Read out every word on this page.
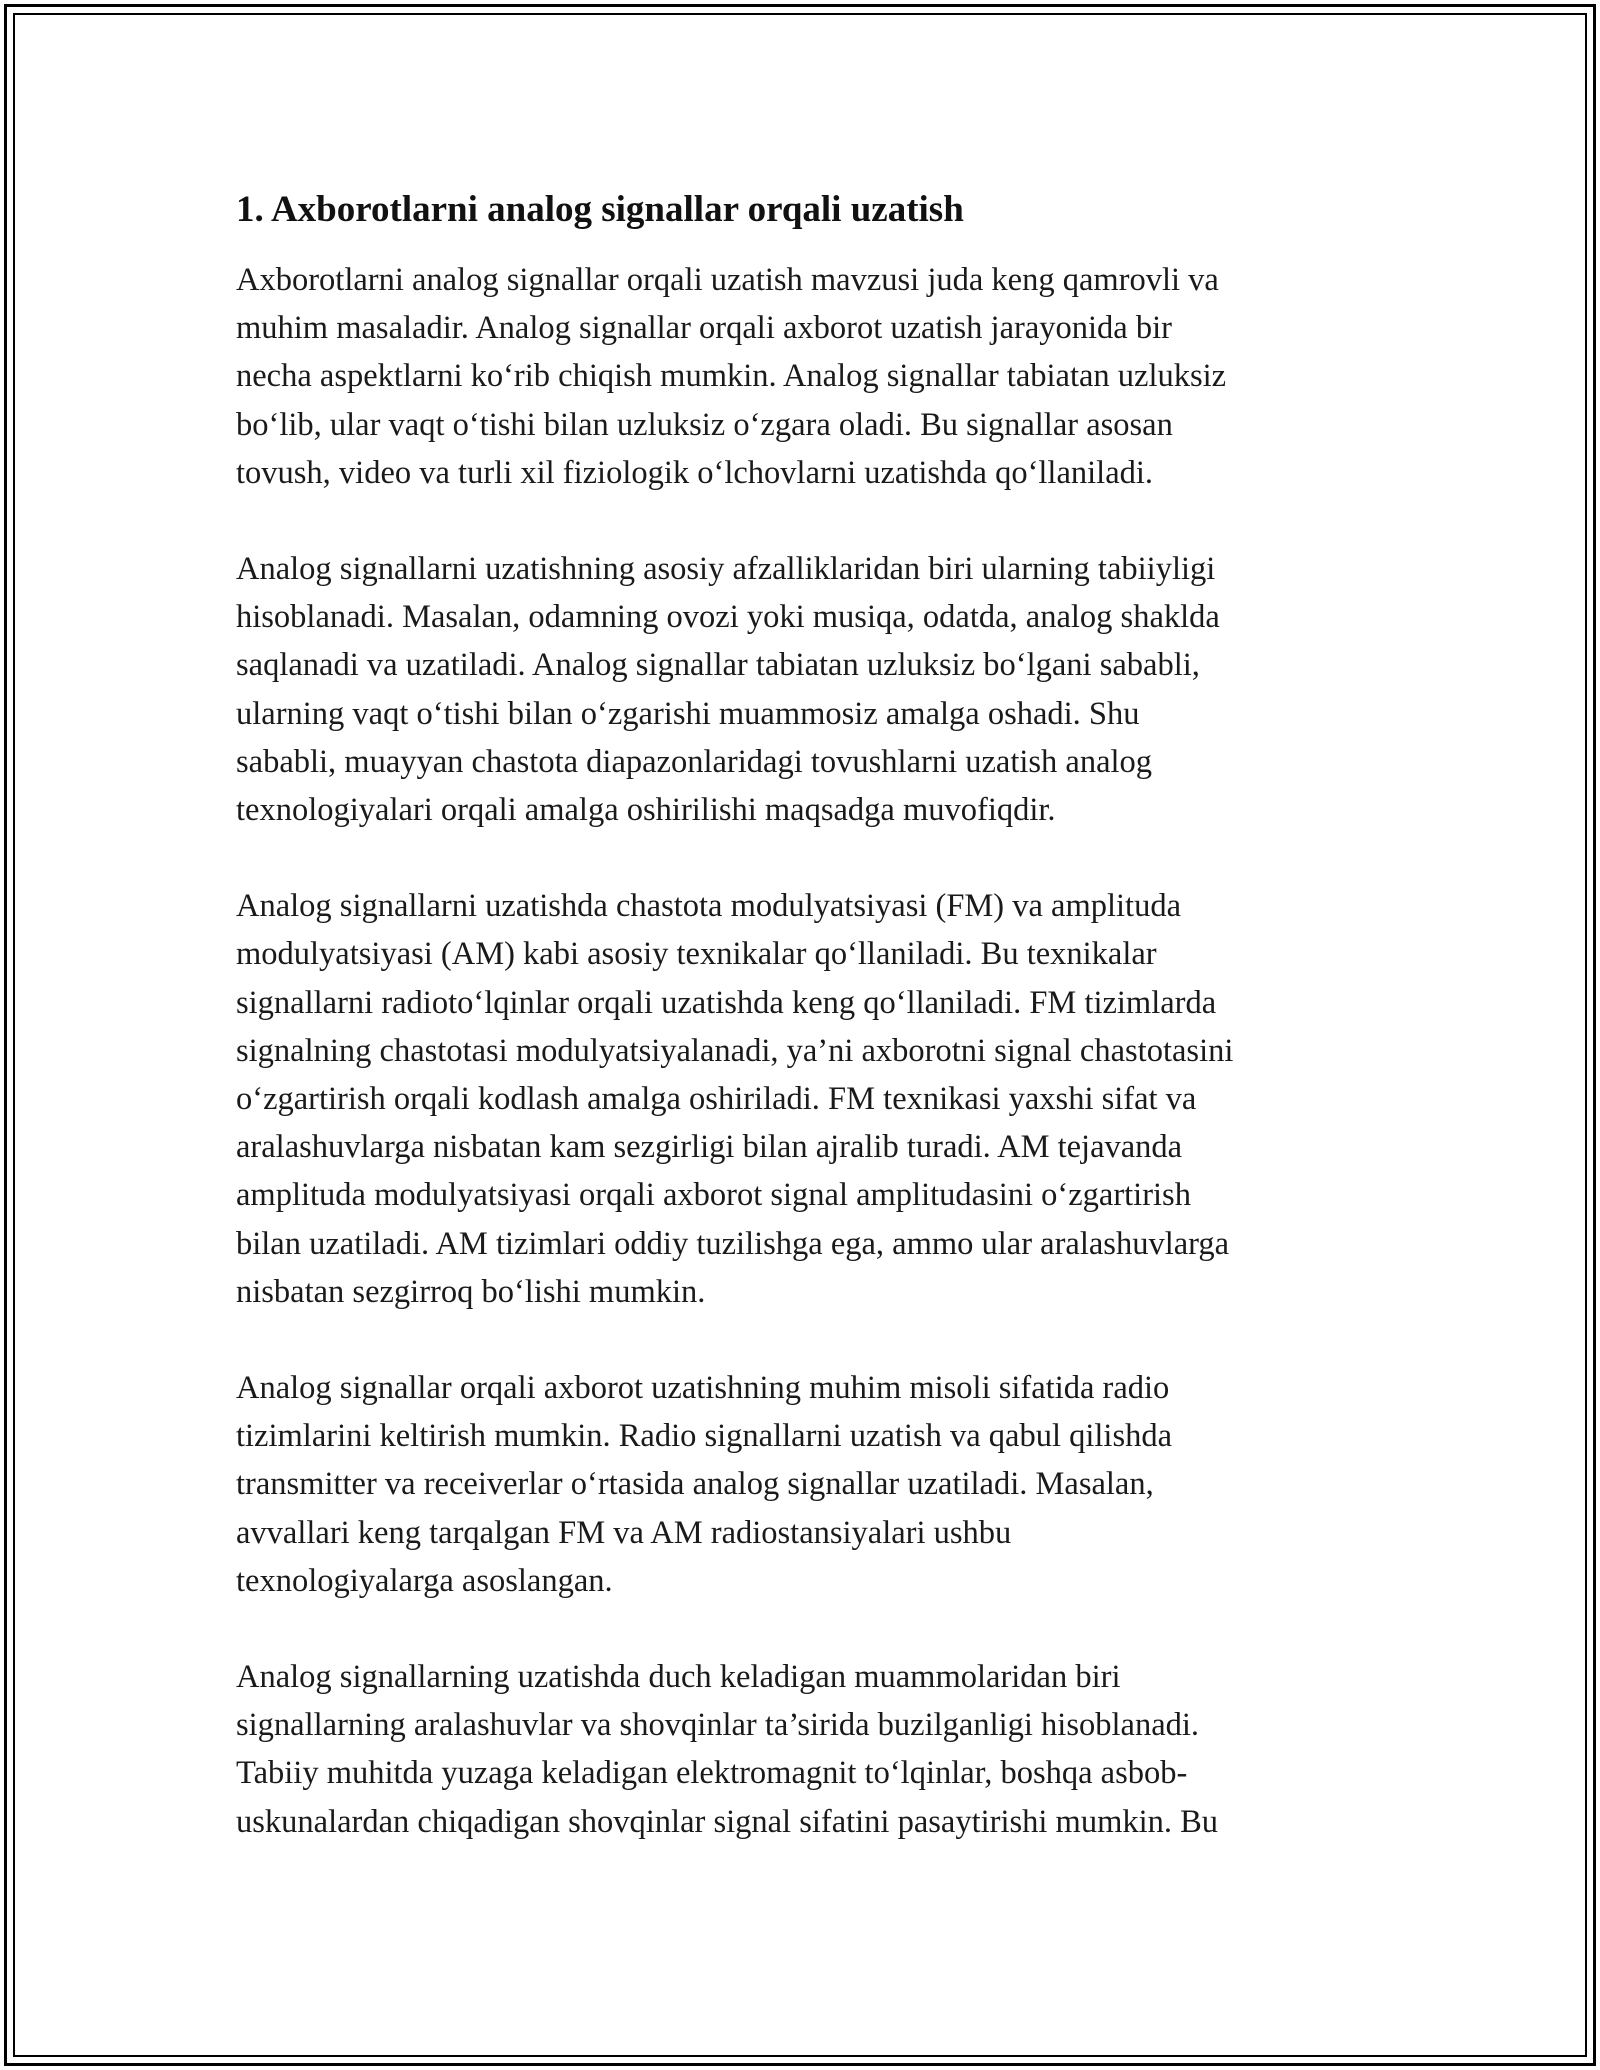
1. Axborotlarni analog signallar orqali uzatish
Axborotlarni analog signallar orqali uzatish mavzusi juda keng qamrovli va
muhim masaladir. Analog signallar orqali axborot uzatish jarayonida bir
necha aspektlarni ko‘rib chiqish mumkin. Analog signallar tabiatan uzluksiz
bo‘lib, ular vaqt o‘tishi bilan uzluksiz o‘zgara oladi. Bu signallar asosan
tovush, video va turli xil fiziologik o‘lchovlarni uzatishda qo‘llaniladi.
Analog signallarni uzatishning asosiy afzalliklaridan biri ularning tabiiyligi
hisoblanadi. Masalan, odamning ovozi yoki musiqa, odatda, analog shaklda
saqlanadi va uzatiladi. Analog signallar tabiatan uzluksiz bo‘lgani sababli,
ularning vaqt o‘tishi bilan o‘zgarishi muammosiz amalga oshadi. Shu
sababli, muayyan chastota diapazonlaridagi tovushlarni uzatish analog
texnologiyalari orqali amalga oshirilishi maqsadga muvofiqdir.
Analog signallarni uzatishda chastota modulyatsiyasi (FM) va amplituda
modulyatsiyasi (AM) kabi asosiy texnikalar qo‘llaniladi. Bu texnikalar
signallarni radioto‘lqinlar orqali uzatishda keng qo‘llaniladi. FM tizimlarda
signalning chastotasi modulyatsiyalanadi, ya’ni axborotni signal chastotasini
o‘zgartirish orqali kodlash amalga oshiriladi. FM texnikasi yaxshi sifat va
aralashuvlarga nisbatan kam sezgirligi bilan ajralib turadi. AM tejavanda
amplituda modulyatsiyasi orqali axborot signal amplitudasini o‘zgartirish
bilan uzatiladi. AM tizimlari oddiy tuzilishga ega, ammo ular aralashuvlarga
nisbatan sezgirroq bo‘lishi mumkin.
Analog signallar orqali axborot uzatishning muhim misoli sifatida radio
tizimlarini keltirish mumkin. Radio signallarni uzatish va qabul qilishda
transmitter va receiverlar o‘rtasida analog signallar uzatiladi. Masalan,
avvallari keng tarqalgan FM va AM radiostansiyalari ushbu
texnologiyalarga asoslangan.
Analog signallarning uzatishda duch keladigan muammolaridan biri
signallarning aralashuvlar va shovqinlar ta’sirida buzilganligi hisoblanadi.
Tabiiy muhitda yuzaga keladigan elektromagnit to‘lqinlar, boshqa asbob-
uskunalardan chiqadigan shovqinlar signal sifatini pasaytirishi mumkin. Bu
